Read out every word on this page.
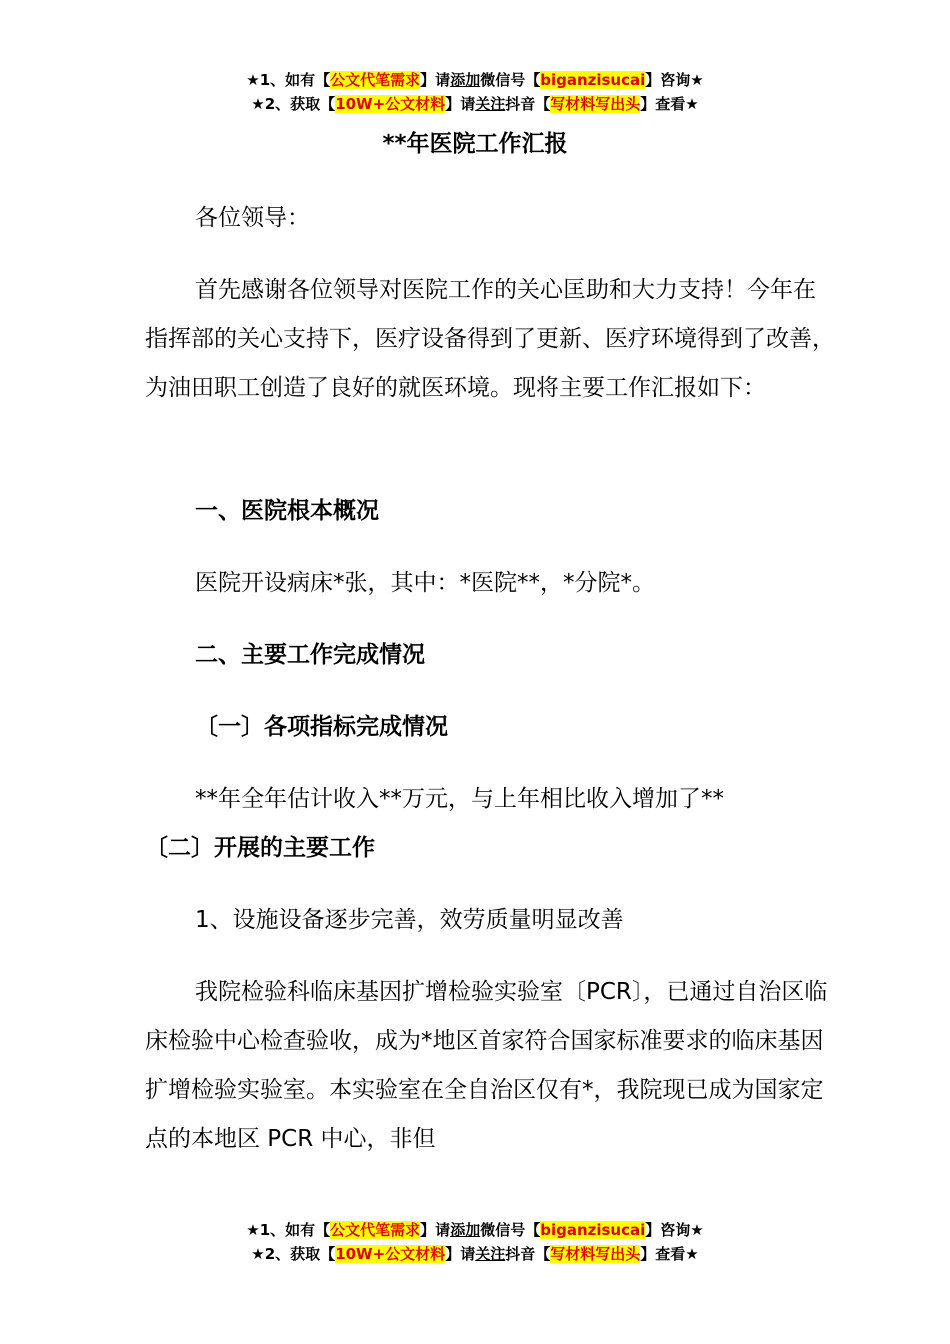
★1、如有【公文代笔需求】请添加微信号【biganzisucai】咨询★
★2、获取【10W+公文材料】请关注抖音【写材料写出头】查看★
**年医院工作汇报
各位领导：
首先感谢各位领导对医院工作的关心匡助和大力支持！今年在指挥部的关心支持下，医疗设备得到了更新、医疗环境得到了改善，为油田职工创造了良好的就医环境。现将主要工作汇报如下：
一、医院根本概况
医院开设病床*张，其中：*医院**，*分院*。
二、主要工作完成情况
〔一〕各项指标完成情况
**年全年估计收入**万元，与上年相比收入增加了**
〔二〕开展的主要工作
1、设施设备逐步完善，效劳质量明显改善
我院检验科临床基因扩增检验实验室〔PCR〕，已通过自治区临床检验中心检查验收，成为*地区首家符合国家标准要求的临床基因扩增检验实验室。本实验室在全自治区仅有*，我院现已成为国家定点的本地区 PCR 中心，非但
★1、如有【公文代笔需求】请添加微信号【biganzisucai】咨询★
★2、获取【10W+公文材料】请关注抖音【写材料写出头】查看★
